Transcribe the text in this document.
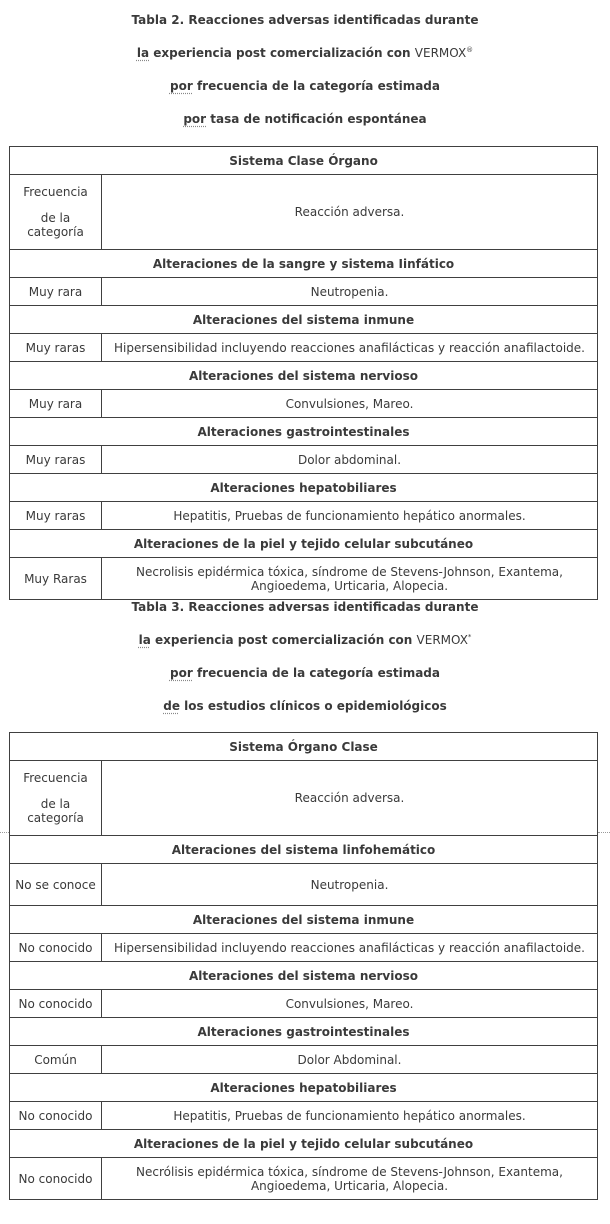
Tabla 2. Reacciones adversas identificadas durante
la experiencia post comercialización con VERMOX®
por frecuencia de la categoría estimada
por tasa de notificación espontánea
Sistema Clase Órgano	

Frecuencia
de la
categoría	Reacción adversa.
Alteraciones de la sangre y sistema Iinfático	
Muy rara	Neutropenia.
Alteraciones del sistema inmune	
Muy raras	Hipersensibilidad incluyendo reacciones anafilácticas y reacción anafilactoide.
Alteraciones del sistema nervioso	
Muy rara	Convulsiones, Mareo.
Alteraciones gastrointestinales	
Muy raras	Dolor abdominal.
Alteraciones hepatobiliares	
Muy raras	Hepatitis, Pruebas de funcionamiento hepático anormales.
Alteraciones de la piel y tejido celular subcutáneo	
Muy Raras	Necrolisis epidérmica tóxica, síndrome de Stevens-Johnson, Exantema, Angioedema, Urticaria, Alopecia.
Tabla 3. Reacciones adversas identificadas durante
la experiencia post comercialización con VERMOX*
por frecuencia de la categoría estimada
de los estudios clínicos o epidemiológicos
Sistema Órgano Clase	

Frecuencia
de la
categoría	Reacción adversa.
Alteraciones del sistema linfohemático	
No se conoce	Neutropenia.
Alteraciones del sistema inmune	
No conocido	Hipersensibilidad incluyendo reacciones anafilácticas y reacción anafilactoide.
Alteraciones del sistema nervioso	
No conocido	Convulsiones, Mareo.
Alteraciones gastrointestinales	
Común	Dolor Abdominal.
Alteraciones hepatobiliares	
No conocido	Hepatitis, Pruebas de funcionamiento hepático anormales.
Alteraciones de la piel y tejido celular subcutáneo	
No conocido	Necrólisis epidérmica tóxica, síndrome de Stevens-Johnson, Exantema, Angioedema, Urticaria, Alopecia.
